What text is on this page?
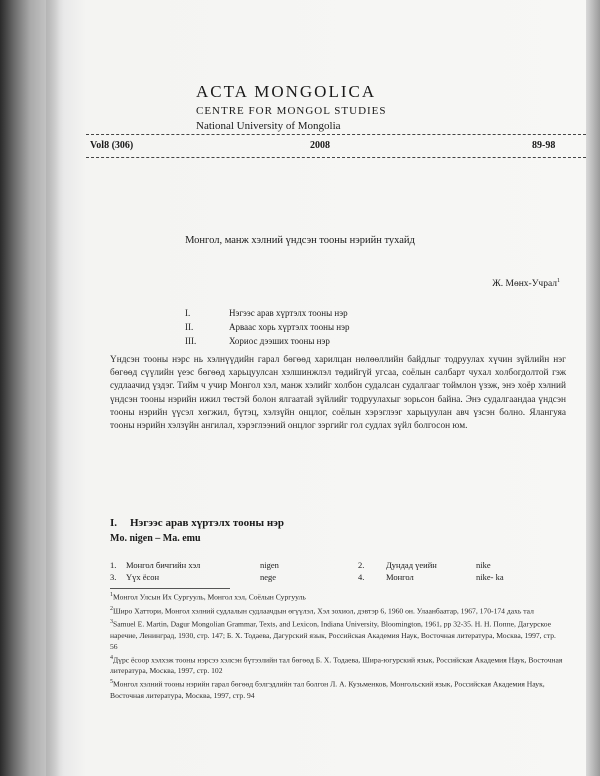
ACTA MONGOLICA

CENTRE FOR MONGOL STUDIES

National University of Mongolia

Vol8 (306)	2008	89-98
Монгол, манж хэлний үндсэн тооны нэрийн тухайд
Ж. Мөнх-Учрал$^1$
I.	Нэгээс арав хүртэлх тооны нэр
II.	Арваас хорь хүртэлх тооны нэр
III.	Хориос дээших тооны нэр
Үндсэн тооны нэрс нь хэлнүүдийн гарал бөгөөд харилцан нөлөөллийн байдлыг тодруулах хүчин зүйлийн нэг бөгөөд сүүлийн үеэс бөгөөд харьцуулсан хэлшинжлэл төдийгүй угсаа, соёлын салбарт чухал холбогдолтой гэж судлаачид үздэг. Тийм ч учир Монгол хэл, манж хэлийг холбон судалсан судалгааг тоймлон үзэж, энэ хоёр хэлний үндсэн тооны нэрийн ижил төстэй болон ялгаатай зүйлийг тодруулахыг зорьсон байна. Энэ судалгаандаа үндсэн тооны нэрийн үүсэл хөгжил, бүтэц, хэлзүйн онцлог, соёлын хэрэглээг харьцуулан авч үзсэн болно. Ялангуяа тооны нэрийн хэлзүйн ангилал, хэрэглээний онцлог зэргийг гол судлах зүйл болгосон юм.
I. Нэгээс арав хүртэлх тооны нэр
Mo. nigen – Ma. emu
1.	Монгол бичгийн хэл	nigen	2.	Дундад үеийн	nike
3.	Үүх ёсон	nege	4.	Монгол	nike- ka

$^1$Монгол Улсын Их Сургууль, Монгол хэл, Соёлын Сургууль

$^2$Широ Хаттори, Монгол хэлний судлалын судлаачдын өгүүлэл, Хэл зохиол, дэвтэр 6, 1960 он. Улаанбаатар, 1967, 170-174 дахь тал

$^3$Samuel E. Martin, Dagur Mongolian Grammar, Texts, and Lexicon, Indiana University, Bloomington, 1961, pp 32-35. Н. Н. Поппе, Дагурское наречие, Ленинград, 1930, стр. 147; Б. Х. Тодаева, Дагурский язык, Российская Академия Наук, Восточная литература, Москва, 1997, стр. 56

$^4$Дүрс ёсоор хэлхэж тооны нэрсээ хэлсэн бүтээлийн тал бөгөөд Б. Х. Тодаева, Шира-югурский язык, Российская Академия Наук, Восточная литература, Москва, 1997, стр. 102

$^5$Монгол хэлний тооны нэрийн гарал бөгөөд бэлгэдлийн тал болгон Л. А. Кузьменков, Монгольский язык, Российская Академия Наук, Восточная литература, Москва, 1997, стр. 94
